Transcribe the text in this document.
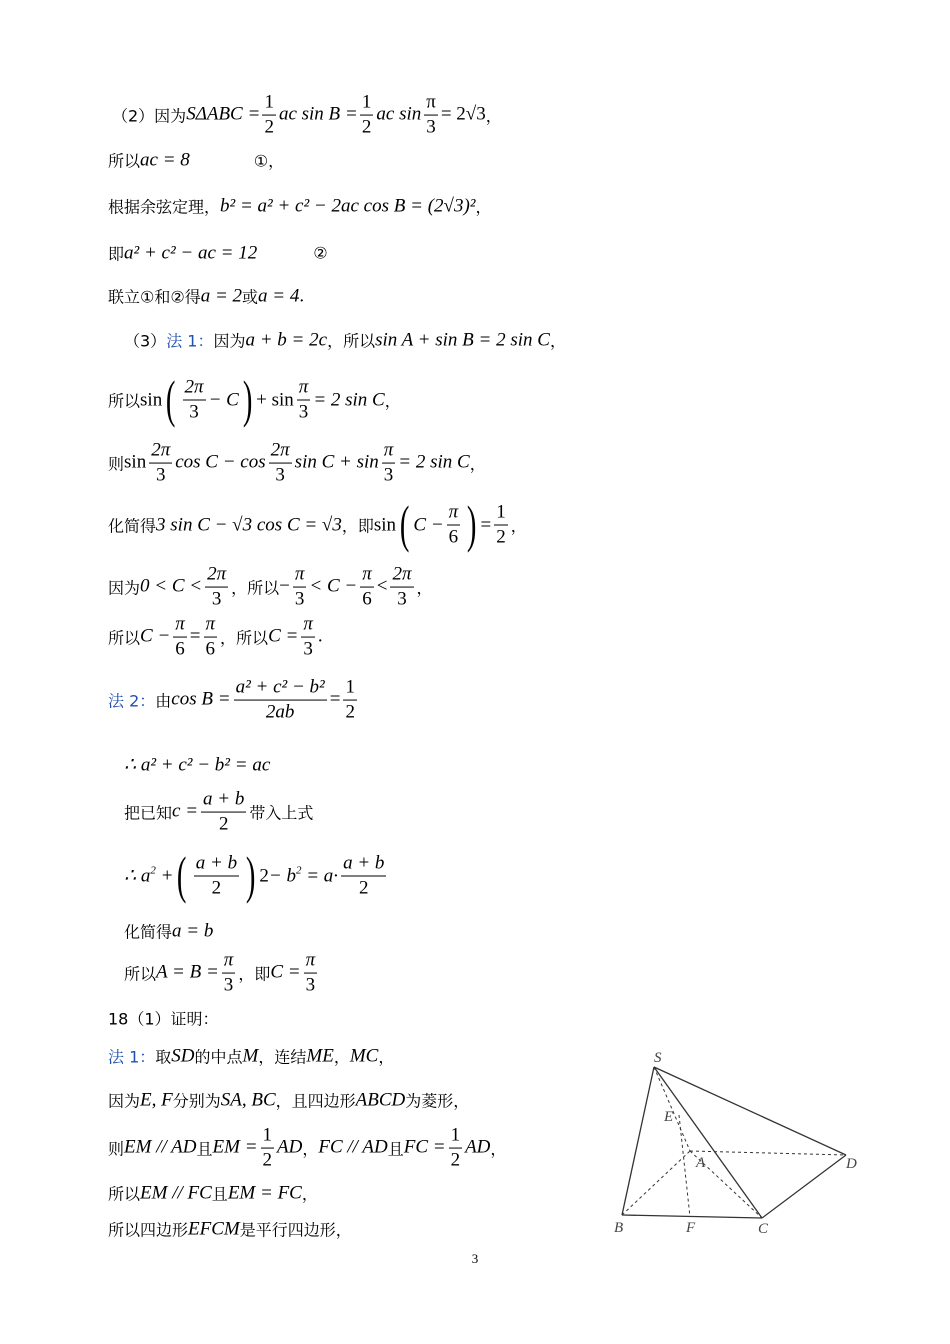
（2）因为 S $\Delta ABC = \frac{1}{2}$ ac $\sin B = \frac{1}{2}$ ac $\sin \frac{\pi}{3} = 2√3$ ，
所以 ac = 8	①，
根据余弦定理， b² = a² + c² − 2ac cos B = (2√3)² ，
即 a² + c² − ac = 12	②
联立①和②得 a = 2 或 a = 4 .
（3） 法 1： 因为 a + b = 2c ，所以 sin A + sin B = 2 sin C ，
所以 sin ( $\frac{2\pi}{3} - C$ ) + $\sin \frac{\pi}{3} = 2$ sin C ，
则 $\sin \frac{2\pi}{3}$ $\cos C - \cos \frac{2\pi}{3}$ $\sin C + \sin \frac{\pi}{3} = 2$ sin C ，
化简得 3 sin C − √3 cos C = √3 ，即 sin ( $C - \frac{\pi}{6}$ ) = $\frac{1}{2}$ ，
因为 $0 < C < \frac{2\pi}{3}$ ，所以 − $\frac{\pi}{3} < C - \frac{\pi}{6} < \frac{2\pi}{3}$ ，
所以 $C - \frac{\pi}{6} = \frac{\pi}{6}$ ，所以 $C = \frac{\pi}{3}$ .
法 2： 由 $\cos B = \frac{\text{a² + c² − b²}}{2ab} = \frac{1}{2}$
∴ a² + c² − b² = ac
把已知 $c = \frac{a + b}{2}$ 带入上式
∴ $a^2$ + ( $\frac{a + b}{2}$ ) $2 - b^2 = a\cdot \frac{a + b}{2}$
化简得 a = b
所以 $A = B = \frac{\pi}{3}$ ，即 $C = \frac{\pi}{3}$
18（1）证明：
法 1： 取 SD 的中点 M ，连结 ME ， MC ，
因为 E, F 分别为 SA, BC ，且四边形 ABCD 为菱形，
则 EM // AD 且 EM = $\frac{1}{2}$ AD ， FC // AD 且 FC = $\frac{1}{2}$ AD ，
所以 EM // FC 且 EM = FC ，
所以四边形 EFCM 是平行四边形，
S
E
A	D
B	F	C
3
